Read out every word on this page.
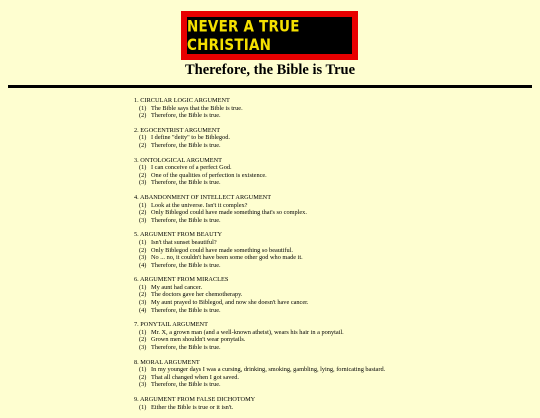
NEVER A TRUE CHRISTIAN
Therefore, the Bible is True
1. CIRCULAR LOGIC ARGUMENT
(1) The Bible says that the Bible is true.
(2) Therefore, the Bible is true.
2. EGOCENTRIST ARGUMENT
(1) I define "deity" to be Biblegod.
(2) Therefore, the Bible is true.
3. ONTOLOGICAL ARGUMENT
(1) I can conceive of a perfect God.
(2) One of the qualities of perfection is existence.
(3) Therefore, the Bible is true.
4. ABANDONMENT OF INTELLECT ARGUMENT
(1) Look at the universe. Isn't it complex?
(2) Only Biblegod could have made something that's so complex.
(3) Therefore, the Bible is true.
5. ARGUMENT FROM BEAUTY
(1) Isn't that sunset beautiful?
(2) Only Biblegod could have made something so beautiful.
(3) No ... no, it couldn't have been some other god who made it.
(4) Therefore, the Bible is true.
6. ARGUMENT FROM MIRACLES
(1) My aunt had cancer.
(2) The doctors gave her chemotherapy.
(3) My aunt prayed to Biblegod, and now she doesn't have cancer.
(4) Therefore, the Bible is true.
7. PONYTAIL ARGUMENT
(1) Mr. X, a grown man (and a well-known atheist), wears his hair in a ponytail.
(2) Grown men shouldn't wear ponytails.
(3) Therefore, the Bible is true.
8. MORAL ARGUMENT
(1) In my younger days I was a cursing, drinking, smoking, gambling, lying, fornicating bastard.
(2) That all changed when I got saved.
(3) Therefore, the Bible is true.
9. ARGUMENT FROM FALSE DICHOTOMY
(1) Either the Bible is true or it isn't.
